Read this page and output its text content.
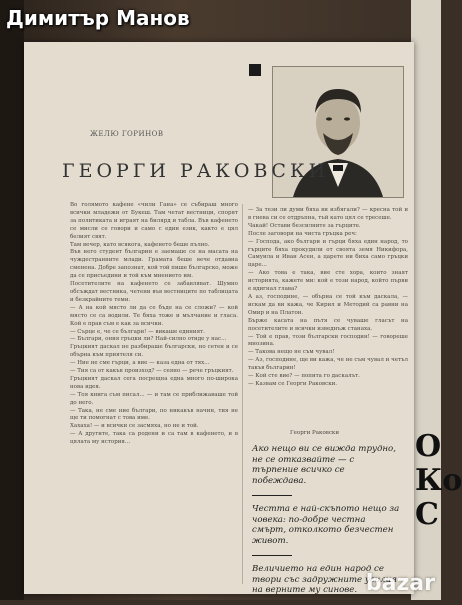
О
Ко
С
Димитър Манов
ЖЕЛЮ ГОРИНОВ
ГЕОРГИ РАКОВСКИ

Во голямото кафене «чили Гана» се събираш много всички младежи от Букеш. Там четат вестници, спорят за политиката и играят на билярд и табла. Във кафенето се мисли се говори и само с един език, както е цял белият свят.

Там вечер, като всякога, кафенето беше пълно.

Във него студент българин е заемаше се на масата на чуждестранните млади. Грамата беше вече отдавна сменена. Добре запознат, кой той пише българско, може да се присъедини и той към мнението им.

Посетителите на кафенето се забавляват. Шумно обсъждат вестника, четени във вестниците по таблицата и безкрайните теми.

— А на кой място ли да се бъде на се сложи? — кой място се са водили. Те бяха тоже и мълчание и гласа. Кой е прав съм е как за всички.

— Сърце е, че се българи! — викаше единият.

— Българи, ония гръцки ли? Най-силно отиде у нас...

Гръцкият даскал не разбираше български, но сетен и се обърна към приятеля си.

— Ние не сме гърци, а вие — каза една от тях...

— Тия са от какъв произход? — сеяно — рече гръцкият.

Гръцкият даскал сега посрещна една много по-широка нова идея.

— Тоя книга съм писал... — и там се приближаваше той до него.

— Така, не сме ние българи, по никакъв начин, тия не ще ти помогнат с това име.

Хахаха! — и всички се засмяха, но не и той.

— А другите, така са родени и са там в кафенето, и в цялата му история...

— За тези ли думи бяха ви избягали? — кресна той и в гнева си се отдръпна, тъй като цял се тресеше.

Чакай! Остави безсилните за гърците.

После заговори на чиста гръцка реч:

— Господа, ако българи и гърци бяха един народ, то гърците бяха прокудили от своята земя Никифора, Самуила и Иван Асен, а царете ни биха само гръцки царе...

— Ако това е така, вие сте хора, които знаят историята, кажете ми: кой е този народ, който първи е вдигнал глава?

А аз, господине, — обърна се той към даскала, — искам да ви кажа, че Кирил и Методий са равни на Омир и на Платон.

Бърже касата на пътя се чуваше гласът на посетителите и всички изведнъж станаха.

— Той е прав, този български господин! — говореше мнозина.

— Такова нещо не съм чувал!

— Аз, господине, ще ви кажа, че не съм чувал и четъл такъв българин!

— Кой сте вие? — попита го даскалът.

— Казвам се Георги Раковски.

Георги Раковски

Ако нещо ви се вижда трудно, не се отказвайте — с търпение всичко се побеждава.

Честта е най-скъпото нещо за човека: по-добре честна смърт, отколкото безчестен живот.

Величието на един народ се твори със задружните усилия на верните му синове. bazar
